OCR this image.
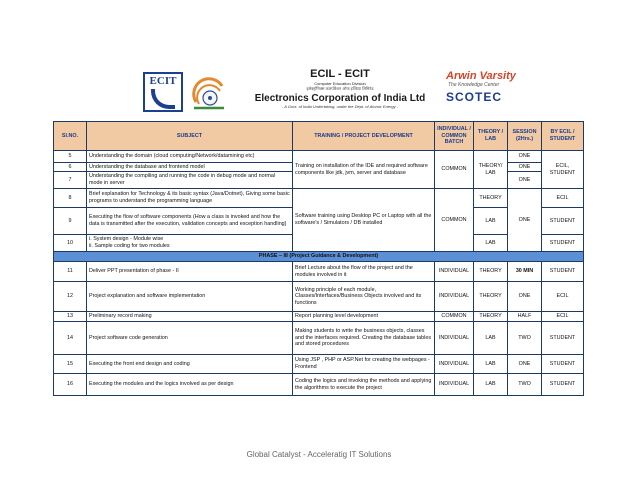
ECIT
ECIL - ECIT
Computer Education Division
इलेक्ट्रॉनिक्स कारपोरेशन ऑफ इण्डिया लिमिटेड
Electronics Corporation of India Ltd
- A Govt. of India Undertaking, under the Dept. of Atomic Energy -
Arwin Varsity
The Knowledge Center
SCOTEC
Sl.NO.	SUBJECT	TRAINING / PROJECT DEVELOPMENT	INDIVIDUAL / COMMON BATCH	THEORY / LAB	SESSION (2Hrs.)	BY ECIL / STUDENT
5	Understanding the domain (cloud computing/Network/datamining etc)	Training on installation of the IDE and required software components like jdk, jvm, server and database	COMMON	THEORY/ LAB	ONE	ECIL, STUDENT
6	Understanding the database and frontend model				ONE	
7	Understanding the compiling and running the code in debug mode and normal mode in server				ONE	
8	Brief explanation for Technology & its basic syntax (Java/Dotnet), Giving some basic programs to understand the programming language	Software training using Desktop PC or Laptop with all the software's / Simulators / DB installed	COMMON	THEORY	ONE	ECIL
9	Executing the flow of software components (How a class is invoked and how the data is transmitted after the execution, validation concepts and exception handling)			LAB		STUDENT
10	i. System design - Module wise
ii. Sample coding for two modules			LAB		STUDENT
PHASE – III (Project Guidance & Development)						
11	Deliver PPT presentation of phase - II	Brief Lecture about the flow of the project and the modules involved in it	INDIVIDUAL	THEORY	30 MIN	STUDENT
12	Project explanation and software implementation	Working principle of each module, Classes/Interfaces/Business Objects involved and its functions	INDIVIDUAL	THEORY	ONE	ECIL
13	Preliminary record making	Report planning level development	COMMON	THEORY	HALF	ECIL
14	Project software code generation	Making students to write the business objects, classes and the interfaces required. Creating the database tables and stored procedures	INDIVIDUAL	LAB	TWO	STUDENT
15	Executing the front end design and coding	Using JSP , PHP or ASP.Net for creating the webpages - Frontend	INDIVIDUAL	LAB	ONE	STUDENT
16	Executing the modules and the logics involved as per design	Coding the logics and invoking the methods and applying the algorithms to execute the project	INDIVIDUAL	LAB	TWO	STUDENT
Global Catalyst - Acceleratig IT Solutions
